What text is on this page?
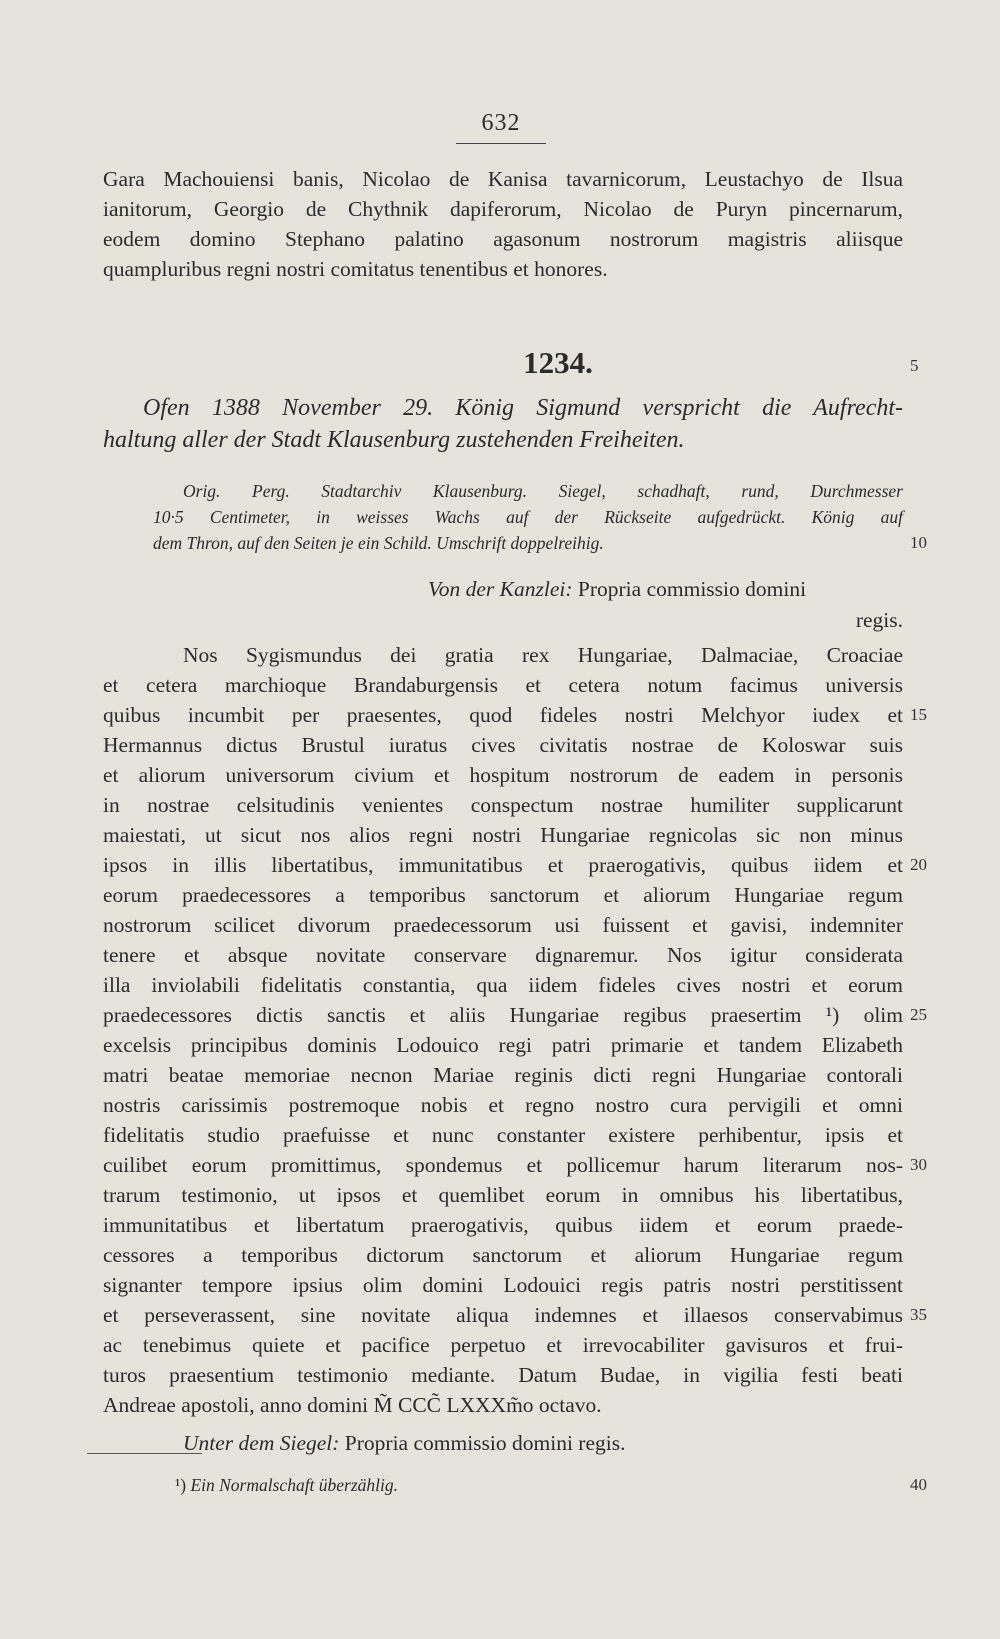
632
Gara Machouiensi banis, Nicolao de Kanisa tavarnicorum, Leustachyo de Ilsua
ianitorum, Georgio de Chythnik dapiferorum, Nicolao de Puryn pincernarum,
eodem domino Stephano palatino agasonum nostrorum magistris aliisque
quampluribus regni nostri comitatus tenentibus et honores.
1234.
Ofen 1388 November 29. König Sigmund verspricht die Aufrecht-
haltung aller der Stadt Klausenburg zustehenden Freiheiten.
Orig. Perg. Stadtarchiv Klausenburg. Siegel, schadhaft, rund, Durchmesser
10·5 Centimeter, in weisses Wachs auf der Rückseite aufgedrückt. König auf
dem Thron, auf den Seiten je ein Schild. Umschrift doppelreihig.
Von der Kanzlei: Propria commissio domini
regis.
Nos Sygismundus dei gratia rex Hungariae, Dalmaciae, Croaciae
et cetera marchioque Brandaburgensis et cetera notum facimus universis
quibus incumbit per praesentes, quod fideles nostri Melchyor iudex et
Hermannus dictus Brustul iuratus cives civitatis nostrae de Koloswar suis
et aliorum universorum civium et hospitum nostrorum de eadem in personis
in nostrae celsitudinis venientes conspectum nostrae humiliter supplicarunt
maiestati, ut sicut nos alios regni nostri Hungariae regnicolas sic non minus
ipsos in illis libertatibus, immunitatibus et praerogativis, quibus iidem et
eorum praedecessores a temporibus sanctorum et aliorum Hungariae regum
nostrorum scilicet divorum praedecessorum usi fuissent et gavisi, indemniter
tenere et absque novitate conservare dignaremur. Nos igitur considerata
illa inviolabili fidelitatis constantia, qua iidem fideles cives nostri et eorum
praedecessores dictis sanctis et aliis Hungariae regibus praesertim ¹) olim
excelsis principibus dominis Lodouico regi patri primarie et tandem Elizabeth
matri beatae memoriae necnon Mariae reginis dicti regni Hungariae contorali
nostris carissimis postremoque nobis et regno nostro cura pervigili et omni
fidelitatis studio praefuisse et nunc constanter existere perhibentur, ipsis et
cuilibet eorum promittimus, spondemus et pollicemur harum literarum nos-
trarum testimonio, ut ipsos et quemlibet eorum in omnibus his libertatibus,
immunitatibus et libertatum praerogativis, quibus iidem et eorum praede-
cessores a temporibus dictorum sanctorum et aliorum Hungariae regum
signanter tempore ipsius olim domini Lodouici regis patris nostri perstitissent
et perseverassent, sine novitate aliqua indemnes et illaesos conservabimus
ac tenebimus quiete et pacifice perpetuo et irrevocabiliter gavisuros et frui-
turos praesentium testimonio mediante. Datum Budae, in vigilia festi beati
Andreae apostoli, anno domini M̃ CCC̃ LXXXm̃o octavo.
Unter dem Siegel: Propria commissio domini regis.
¹) Ein Normalschaft überzählig.
5
10
15
20
25
30
35
40
